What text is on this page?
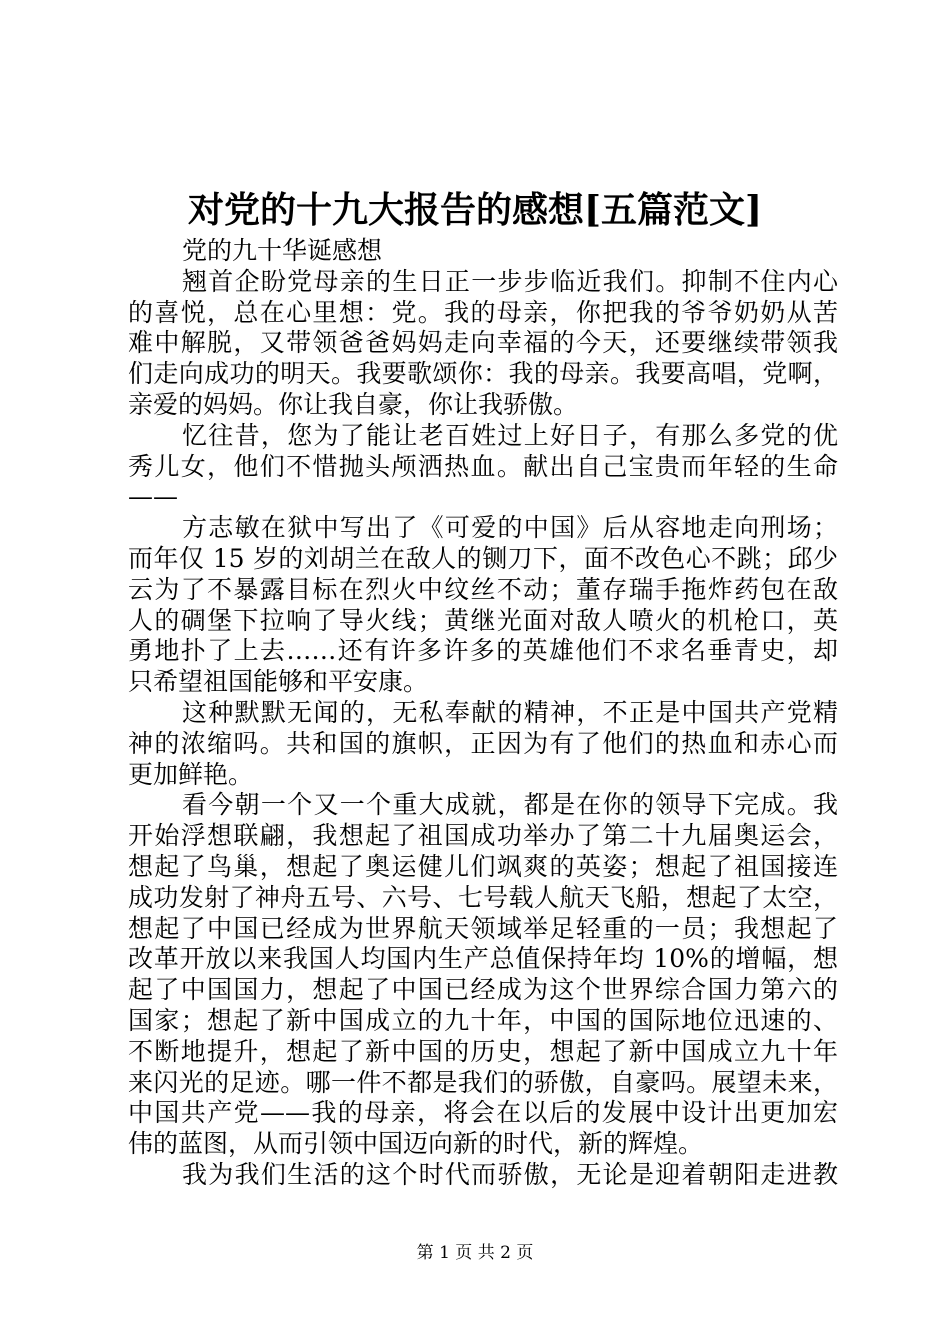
对党的十九大报告的感想[五篇范文]
党的九十华诞感想
翘首企盼党母亲的生日正一步步临近我们。抑制不住内心
的喜悦，总在心里想：党。我的母亲，你把我的爷爷奶奶从苦
难中解脱，又带领爸爸妈妈走向幸福的今天，还要继续带领我
们走向成功的明天。我要歌颂你：我的母亲。我要高唱，党啊，
亲爱的妈妈。你让我自豪，你让我骄傲。
忆往昔，您为了能让老百姓过上好日子，有那么多党的优
秀儿女，他们不惜抛头颅洒热血。献出自己宝贵而年轻的生命
——
方志敏在狱中写出了《可爱的中国》后从容地走向刑场；
而年仅 15 岁的刘胡兰在敌人的铡刀下，面不改色心不跳；邱少
云为了不暴露目标在烈火中纹丝不动；董存瑞手拖炸药包在敌
人的碉堡下拉响了导火线；黄继光面对敌人喷火的机枪口，英
勇地扑了上去……还有许多许多的英雄他们不求名垂青史，却
只希望祖国能够和平安康。
这种默默无闻的，无私奉献的精神，不正是中国共产党精
神的浓缩吗。共和国的旗帜，正因为有了他们的热血和赤心而
更加鲜艳。
看今朝一个又一个重大成就，都是在你的领导下完成。我
开始浮想联翩，我想起了祖国成功举办了第二十九届奥运会，
想起了鸟巢，想起了奥运健儿们飒爽的英姿；想起了祖国接连
成功发射了神舟五号、六号、七号载人航天飞船，想起了太空，
想起了中国已经成为世界航天领域举足轻重的一员；我想起了
改革开放以来我国人均国内生产总值保持年均 10%的增幅，想
起了中国国力，想起了中国已经成为这个世界综合国力第六的
国家；想起了新中国成立的九十年，中国的国际地位迅速的、
不断地提升，想起了新中国的历史，想起了新中国成立九十年
来闪光的足迹。哪一件不都是我们的骄傲，自豪吗。展望未来，
中国共产党——我的母亲，将会在以后的发展中设计出更加宏
伟的蓝图，从而引领中国迈向新的时代，新的辉煌。
我为我们生活的这个时代而骄傲，无论是迎着朝阳走进教
第 1 页 共 2 页
